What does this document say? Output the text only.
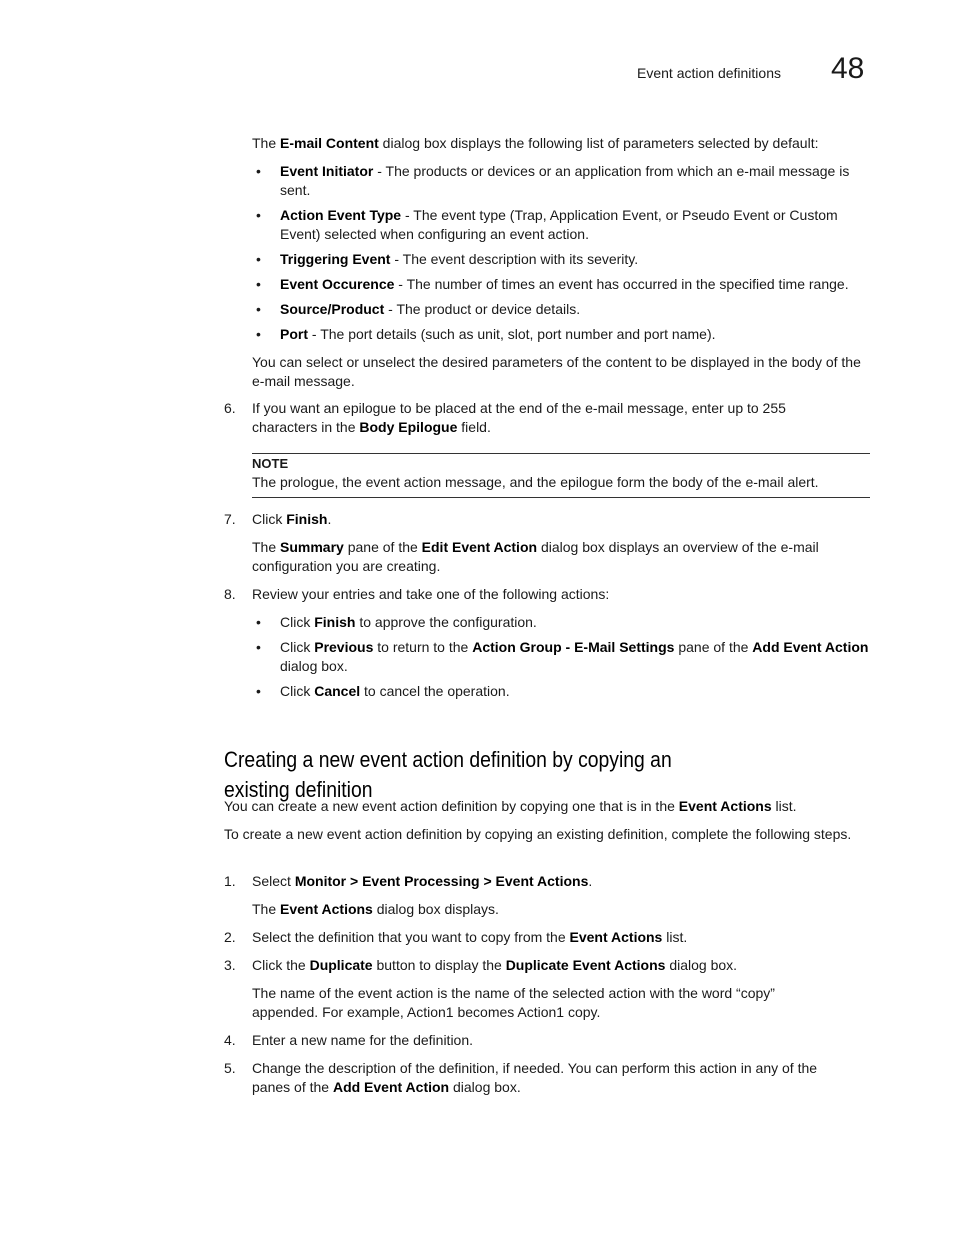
Event action definitions 48

The E-mail Content dialog box displays the following list of parameters selected by default:

• Event Initiator - The products or devices or an application from which an e-mail message is sent.

• Action Event Type - The event type (Trap, Application Event, or Pseudo Event or Custom Event) selected when configuring an event action.

• Triggering Event - The event description with its severity.

• Event Occurence - The number of times an event has occurred in the specified time range.

• Source/Product - The product or device details.

• Port - The port details (such as unit, slot, port number and port name).

You can select or unselect the desired parameters of the content to be displayed in the body of the e-mail message.

6. If you want an epilogue to be placed at the end of the e-mail message, enter up to 255 characters in the Body Epilogue field.

NOTE

The prologue, the event action message, and the epilogue form the body of the e-mail alert.

7. Click Finish.

The Summary pane of the Edit Event Action dialog box displays an overview of the e-mail configuration you are creating.

8. Review your entries and take one of the following actions:

• Click Finish to approve the configuration.

• Click Previous to return to the Action Group - E-Mail Settings pane of the Add Event Action dialog box.

• Click Cancel to cancel the operation.

Creating a new event action definition by copying an existing definition

You can create a new event action definition by copying one that is in the Event Actions list.

To create a new event action definition by copying an existing definition, complete the following steps.

1. Select Monitor > Event Processing > Event Actions.

The Event Actions dialog box displays.

2. Select the definition that you want to copy from the Event Actions list.

3. Click the Duplicate button to display the Duplicate Event Actions dialog box.

The name of the event action is the name of the selected action with the word “copy” appended. For example, Action1 becomes Action1 copy.

4. Enter a new name for the definition.

5. Change the description of the definition, if needed. You can perform this action in any of the panes of the Add Event Action dialog box.
